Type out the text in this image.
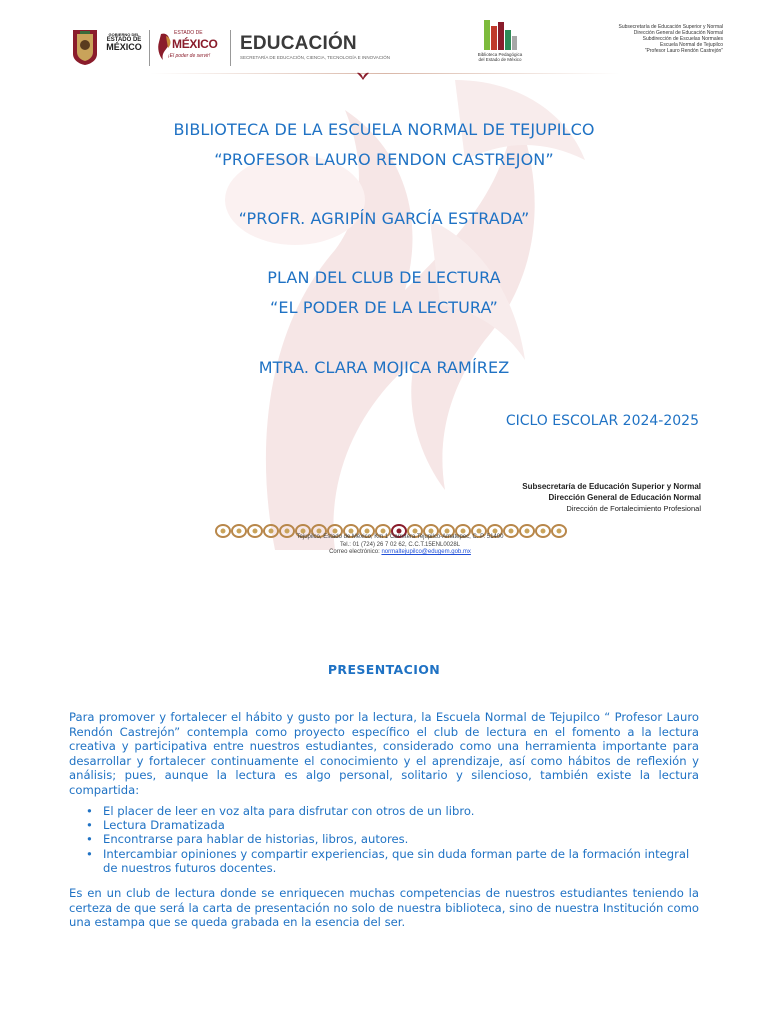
GOBIERNO DEL
ESTADO DE
MÉXICO
ESTADO DE
MÉXICO
¡El poder de servir!
EDUCACIÓN
SECRETARÍA DE EDUCACIÓN, CIENCIA, TECNOLOGÍA E INNOVACIÓN
Biblioteca Pedagógica
del Estado de México
Subsecretaría de Educación Superior y Normal
Dirección General de Educación Normal
Subdirección de Escuelas Normales
Escuela Normal de Tejupilco
“Profesor Lauro Rendón Castrejón”
BIBLIOTECA DE LA ESCUELA NORMAL DE TEJUPILCO
“PROFESOR LAURO RENDON CASTREJON”
“PROFR. AGRIPÍN GARCÍA ESTRADA”
PLAN DEL CLUB DE LECTURA
“EL PODER DE LA LECTURA”
MTRA. CLARA MOJICA RAMÍREZ
CICLO ESCOLAR 2024-2025
Subsecretaría de Educación Superior y Normal
Dirección General de Educación Normal
Dirección de Fortalecimiento Profesional
Tejupilco, Estado de México, Km 1 Carretera Tejupilco-Amatepec, C. P. 51400
Tel.: 01 (724) 26 7 02 62, C.C.T.15ENL0028L
Correo electrónico: normaltejupilco@edugem.gob.mx
PRESENTACION

Para promover y fortalecer el hábito y gusto por la lectura, la Escuela Normal de Tejupilco “ Profesor Lauro Rendón Castrejón” contempla como proyecto específico el club de lectura en el fomento a la lectura creativa y participativa entre nuestros estudiantes, considerado como una herramienta importante para desarrollar y fortalecer continuamente el conocimiento y el aprendizaje, así como hábitos de reflexión y análisis; pues, aunque la lectura es algo personal, solitario y silencioso, también existe la lectura compartida:

• El placer de leer en voz alta para disfrutar con otros de un libro.
• Lectura Dramatizada
• Encontrarse para hablar de historias, libros, autores.
• Intercambiar opiniones y compartir experiencias, que sin duda forman parte de la formación integral de nuestros futuros docentes.

Es en un club de lectura donde se enriquecen muchas competencias de nuestros estudiantes teniendo la certeza de que será la carta de presentación no solo de nuestra biblioteca, sino de nuestra Institución como una estampa que se queda grabada en la esencia del ser.
